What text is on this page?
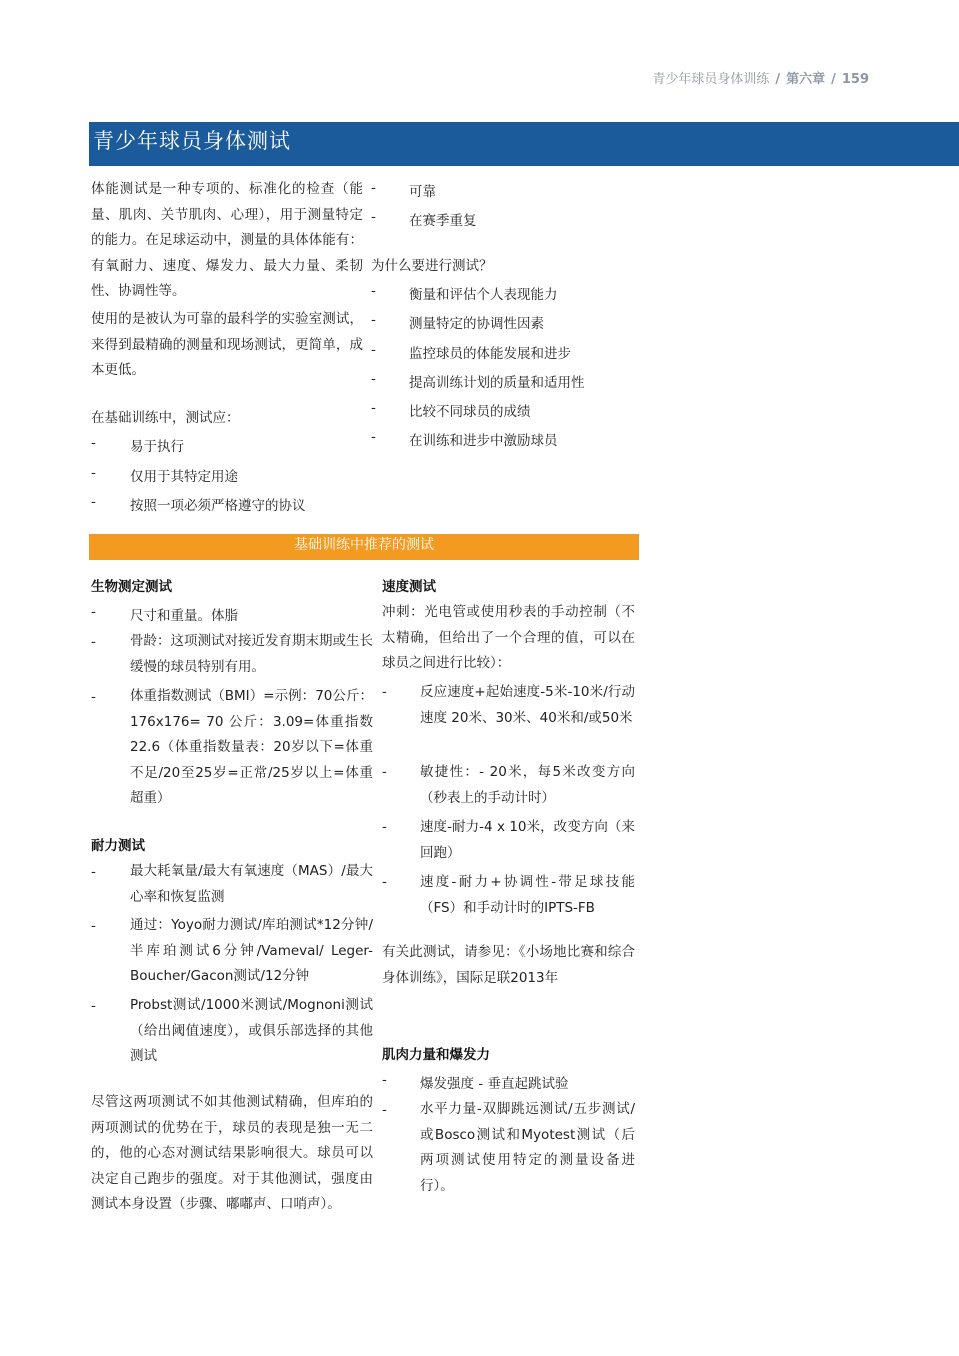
青少年球员身体训练 / 第六章 / 159
青少年球员身体测试
体能测试是一种专项的、标准化的检查（能量、肌肉、关节肌肉、心理），用于测量特定的能力。在足球运动中，测量的具体体能有：有氧耐力、速度、爆发力、最大力量、柔韧性、协调性等。
使用的是被认为可靠的最科学的实验室测试，来得到最精确的测量和现场测试，更简单，成本更低。
在基础训练中，测试应：
-	易于执行
-	仅用于其特定用途
-	按照一项必须严格遵守的协议
- 可靠
- 在赛季重复
为什么要进行测试？
- 衡量和评估个人表现能力
- 测量特定的协调性因素
- 监控球员的体能发展和进步
- 提高训练计划的质量和适用性
- 比较不同球员的成绩
- 在训练和进步中激励球员
基础训练中推荐的测试
生物测定测试
-	尺寸和重量。体脂
-	骨龄：这项测试对接近发育期末期或生长缓慢的球员特别有用。
-	体重指数测试（BMI）=示例：70公斤：176x176= 70 公斤：3.09=体重指数22.6（体重指数量表：20岁以下=体重不足/20至25岁=正常/25岁以上=体重超重）
耐力测试
-	最大耗氧量/最大有氧速度（MAS）/最大心率和恢复监测
-	通过：Yoyo耐力测试/库珀测试*12分钟/半库珀测试6分钟/Vameval/ Leger-Boucher/Gacon测试/12分钟
-	Probst测试/1000米测试/Mognoni测试（给出阈值速度），或俱乐部选择的其他测试
尽管这两项测试不如其他测试精确，但库珀的两项测试的优势在于，球员的表现是独一无二的，他的心态对测试结果影响很大。球员可以决定自己跑步的强度。对于其他测试，强度由测试本身设置（步骤、嘟嘟声、口哨声）。
速度测试
冲刺：光电管或使用秒表的手动控制（不太精确，但给出了一个合理的值，可以在球员之间进行比较）：
- 反应速度+起始速度-5米-10米/行动速度 20米、30米、40米和/或50米
- 敏捷性：- 20米，每5米改变方向（秒表上的手动计时）
- 速度-耐力-4 x 10米，改变方向（来回跑）
- 速度-耐力+协调性-带足球技能（FS）和手动计时的IPTS-FB
有关此测试，请参见：《小场地比赛和综合身体训练》，国际足联2013年
肌肉力量和爆发力
- 爆发强度 - 垂直起跳试验
- 水平力量-双脚跳远测试/五步测试/或Bosco测试和Myotest测试（后两项测试使用特定的测量设备进行）。
